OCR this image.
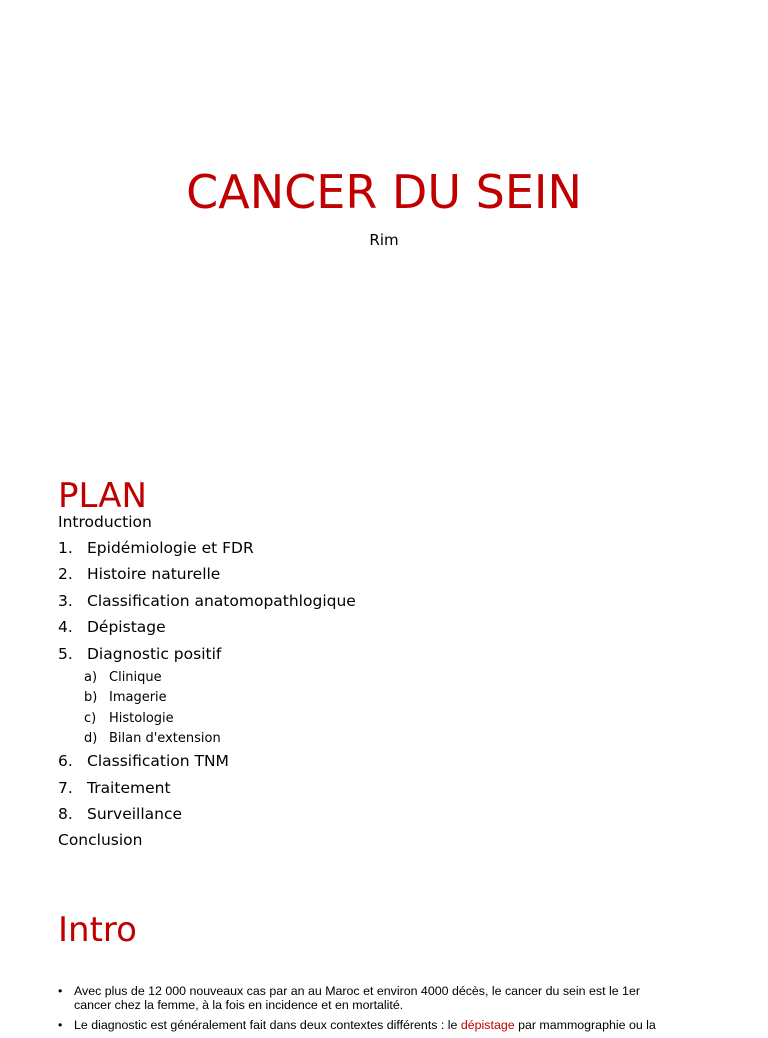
CANCER DU SEIN
Rim
PLAN
Introduction
1. Epidémiologie et FDR
2. Histoire naturelle
3. Classification anatomopathlogique
4. Dépistage
5. Diagnostic positif
a) Clinique
b) Imagerie
c) Histologie
d) Bilan d'extension
6. Classification TNM
7. Traitement
8. Surveillance
Conclusion
Intro
• Avec plus de 12 000 nouveaux cas par an au Maroc et environ 4000 décès, le cancer du sein est le 1er
cancer chez la femme, à la fois en incidence et en mortalité.
• Le diagnostic est généralement fait dans deux contextes différents : le dépistage par mammographie ou la
